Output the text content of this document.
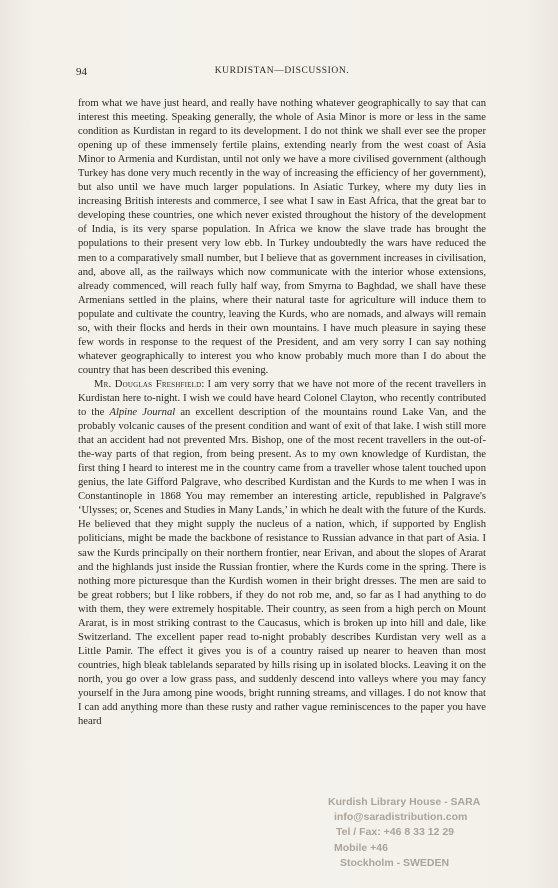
94	KURDISTAN—DISCUSSION.

from what we have just heard, and really have nothing whatever geographically to say that can interest this meeting. Speaking generally, the whole of Asia Minor is more or less in the same condition as Kurdistan in regard to its development. I do not think we shall ever see the proper opening up of these immensely fertile plains, extending nearly from the west coast of Asia Minor to Armenia and Kurdistan, until not only we have a more civilised government (although Turkey has done very much recently in the way of increasing the efficiency of her government), but also until we have much larger populations. In Asiatic Turkey, where my duty lies in increasing British interests and commerce, I see what I saw in East Africa, that the great bar to developing these countries, one which never existed throughout the history of the development of India, is its very sparse population. In Africa we know the slave trade has brought the populations to their present very low ebb. In Turkey undoubtedly the wars have reduced the men to a comparatively small number, but I believe that as government increases in civilisation, and, above all, as the railways which now communicate with the interior whose extensions, already commenced, will reach fully half way, from Smyrna to Baghdad, we shall have these Armenians settled in the plains, where their natural taste for agriculture will induce them to populate and cultivate the country, leaving the Kurds, who are nomads, and always will remain so, with their flocks and herds in their own mountains. I have much pleasure in saying these few words in response to the request of the President, and am very sorry I can say nothing whatever geographically to interest you who know probably much more than I do about the country that has been described this evening.

Mr. Douglas Freshfield: I am very sorry that we have not more of the recent travellers in Kurdistan here to-night. I wish we could have heard Colonel Clayton, who recently contributed to the Alpine Journal an excellent description of the mountains round Lake Van, and the probably volcanic causes of the present condition and want of exit of that lake. I wish still more that an accident had not prevented Mrs. Bishop, one of the most recent travellers in the out-of-the-way parts of that region, from being present. As to my own knowledge of Kurdistan, the first thing I heard to interest me in the country came from a traveller whose talent touched upon genius, the late Gifford Palgrave, who described Kurdistan and the Kurds to me when I was in Constantinople in 1868 You may remember an interesting article, republished in Palgrave's ‘Ulysses; or, Scenes and Studies in Many Lands,’ in which he dealt with the future of the Kurds. He believed that they might supply the nucleus of a nation, which, if supported by English politicians, might be made the backbone of resistance to Russian advance in that part of Asia. I saw the Kurds principally on their northern frontier, near Erivan, and about the slopes of Ararat and the highlands just inside the Russian frontier, where the Kurds come in the spring. There is nothing more picturesque than the Kurdish women in their bright dresses. The men are said to be great robbers; but I like robbers, if they do not rob me, and, so far as I had anything to do with them, they were extremely hospitable. Their country, as seen from a high perch on Mount Ararat, is in most striking contrast to the Caucasus, which is broken up into hill and dale, like Switzerland. The excellent paper read to-night probably describes Kurdistan very well as a Little Pamir. The effect it gives you is of a country raised up nearer to heaven than most countries, high bleak tablelands separated by hills rising up in isolated blocks. Leaving it on the north, you go over a low grass pass, and suddenly descend into valleys where you may fancy yourself in the Jura among pine woods, bright running streams, and villages. I do not know that I can add anything more than these rusty and rather vague reminiscences to the paper you have heard

Kurdish Library House - SARA
info@saradistribution.com
Tel / Fax: +46 8 33 12 29
Mobile +46
Stockholm - SWEDEN
